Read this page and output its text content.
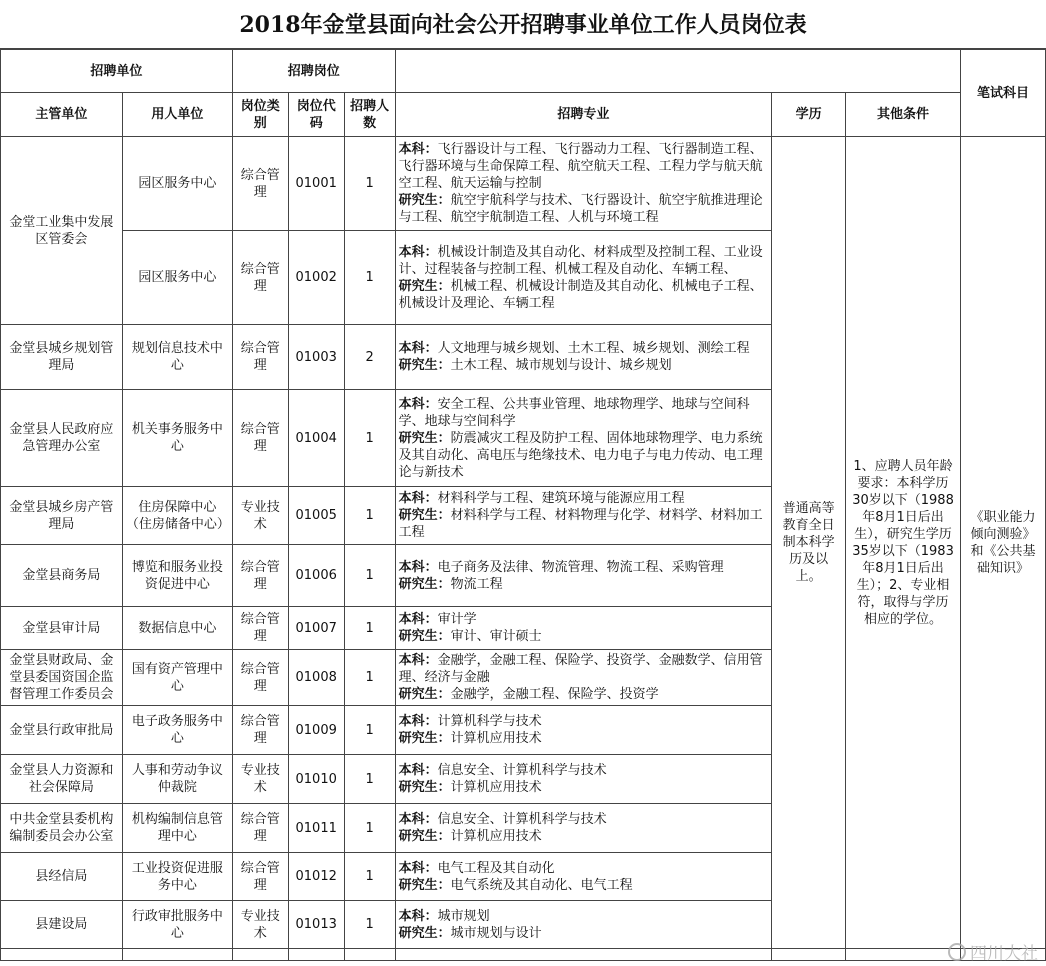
2018年金堂县面向社会公开招聘事业单位工作人员岗位表
招聘单位		招聘岗位						笔试科目
主管单位	用人单位	岗位类别	岗位代码	招聘人数	招聘专业	学历	其他条件	
金堂工业集中发展区管委会	园区服务中心	综合管理	01001	1	本科：飞行器设计与工程、飞行器动力工程、飞行器制造工程、飞行器环境与生命保障工程、航空航天工程、工程力学与航天航空工程、航天运输与控制
研究生：航空宇航科学与技术、飞行器设计、航空宇航推进理论与工程、航空宇航制造工程、人机与环境工程	普通高等教育全日制本科学历及以上。	1、应聘人员年龄要求：本科学历30岁以下（1988年8月1日后出生），研究生学历35岁以下（1983年8月1日后出生）；2、专业相符，取得与学历相应的学位。	《职业能力倾向测验》和《公共基础知识》
	园区服务中心	综合管理	01002	1	本科：机械设计制造及其自动化、材料成型及控制工程、工业设计、过程装备与控制工程、机械工程及自动化、车辆工程、
研究生：机械工程、机械设计制造及其自动化、机械电子工程、机械设计及理论、车辆工程			

金堂县城乡规划管理局	规划信息技术中心	综合管理	01003	2	本科：人文地理与城乡规划、土木工程、城乡规划、测绘工程
研究生：土木工程、城市规划与设计、城乡规划			

金堂县人民政府应急管理办公室	机关事务服务中心	综合管理	01004	1	本科：安全工程、公共事业管理、地球物理学、地球与空间科学、地球与空间科学
研究生：防震减灾工程及防护工程、固体地球物理学、电力系统及其自动化、高电压与绝缘技术、电力电子与电力传动、电工理论与新技术			

金堂县城乡房产管理局	住房保障中心（住房储备中心）	专业技术	01005	1	本科：材料科学与工程、建筑环境与能源应用工程
研究生：材料科学与工程、材料物理与化学、材料学、材料加工工程			

金堂县商务局	博览和服务业投资促进中心	综合管理	01006	1	本科：电子商务及法律、物流管理、物流工程、采购管理
研究生：物流工程			

金堂县审计局	数据信息中心	综合管理	01007	1	本科：审计学
研究生：审计、审计硕士			

金堂县财政局、金堂县委国资国企监督管理工作委员会	国有资产管理中心	综合管理	01008	1	本科：金融学，金融工程、保险学、投资学、金融数学、信用管理、经济与金融
研究生：金融学，金融工程、保险学、投资学			

金堂县行政审批局	电子政务服务中心	综合管理	01009	1	本科：计算机科学与技术
研究生：计算机应用技术			

金堂县人力资源和社会保障局	人事和劳动争议仲裁院	专业技术	01010	1	本科：信息安全、计算机科学与技术
研究生：计算机应用技术			

中共金堂县委机构编制委员会办公室	机构编制信息管理中心	综合管理	01011	1	本科：信息安全、计算机科学与技术
研究生：计算机应用技术			

县经信局	工业投资促进服务中心	综合管理	01012	1	本科：电气工程及其自动化
研究生：电气系统及其自动化、电气工程			

县建设局	行政审批服务中心	专业技术	01013	1	本科：城市规划
研究生：城市规划与设计			

四川大社
